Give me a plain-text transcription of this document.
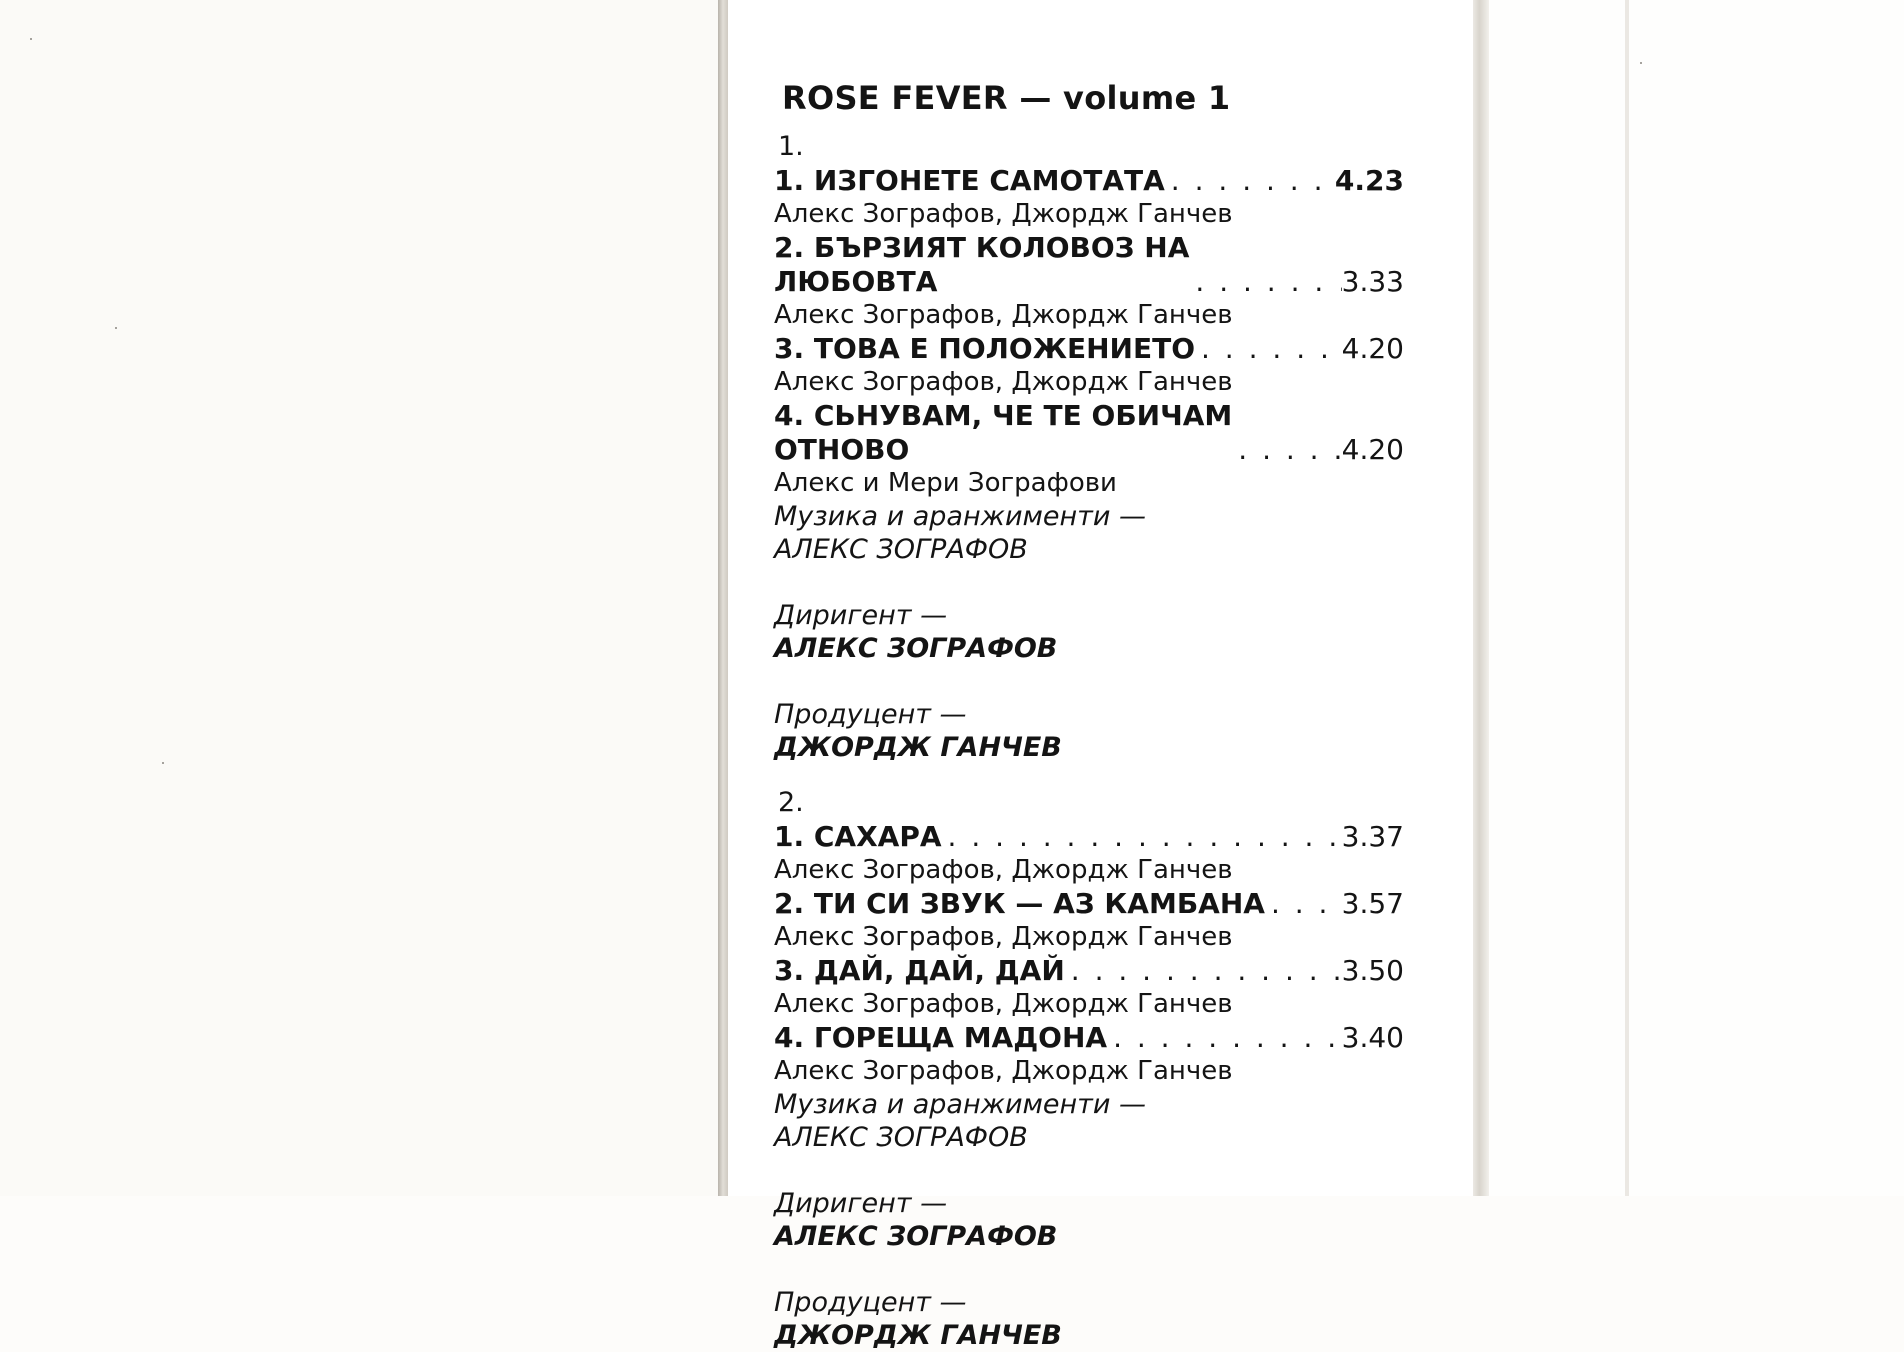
ROSE FEVER — volume 1
1.
1. ИЗГОНЕТЕ САМОТАТА . . .	4.23
Алекс Зографов, Джордж Ганчев
2. БЪРЗИЯТ КОЛОВОЗ НА
ЛЮБОВТА . . .	3.33
Алекс Зографов, Джордж Ганчев
3. ТОВА Е ПОЛОЖЕНИЕТО . . .	4.20
Алекс Зографов, Джордж Ганчев
4. СЬНУВАМ, ЧЕ ТЕ ОБИЧАМ
ОТНОВО . . .	4.20
Алекс и Мери Зографови
Музика и аранжименти —
АЛЕКС ЗОГРАФОВ

Диригент —
АЛЕКС ЗОГРАФОВ

Продуцент —
ДЖОРДЖ ГАНЧЕВ

2.
1. САХАРА . . .	3.37
Алекс Зографов, Джордж Ганчев
2. ТИ СИ ЗВУК — АЗ КАМБАНА . . .	3.57
Алекс Зографов, Джордж Ганчев
3. ДАЙ, ДАЙ, ДАЙ . . .	3.50
Алекс Зографов, Джордж Ганчев
4. ГОРЕЩА МАДОНА . . .	3.40
Алекс Зографов, Джордж Ганчев
Музика и аранжименти —
АЛЕКС ЗОГРАФОВ

Диригент —
АЛЕКС ЗОГРАФОВ

Продуцент —
ДЖОРДЖ ГАНЧЕВ
